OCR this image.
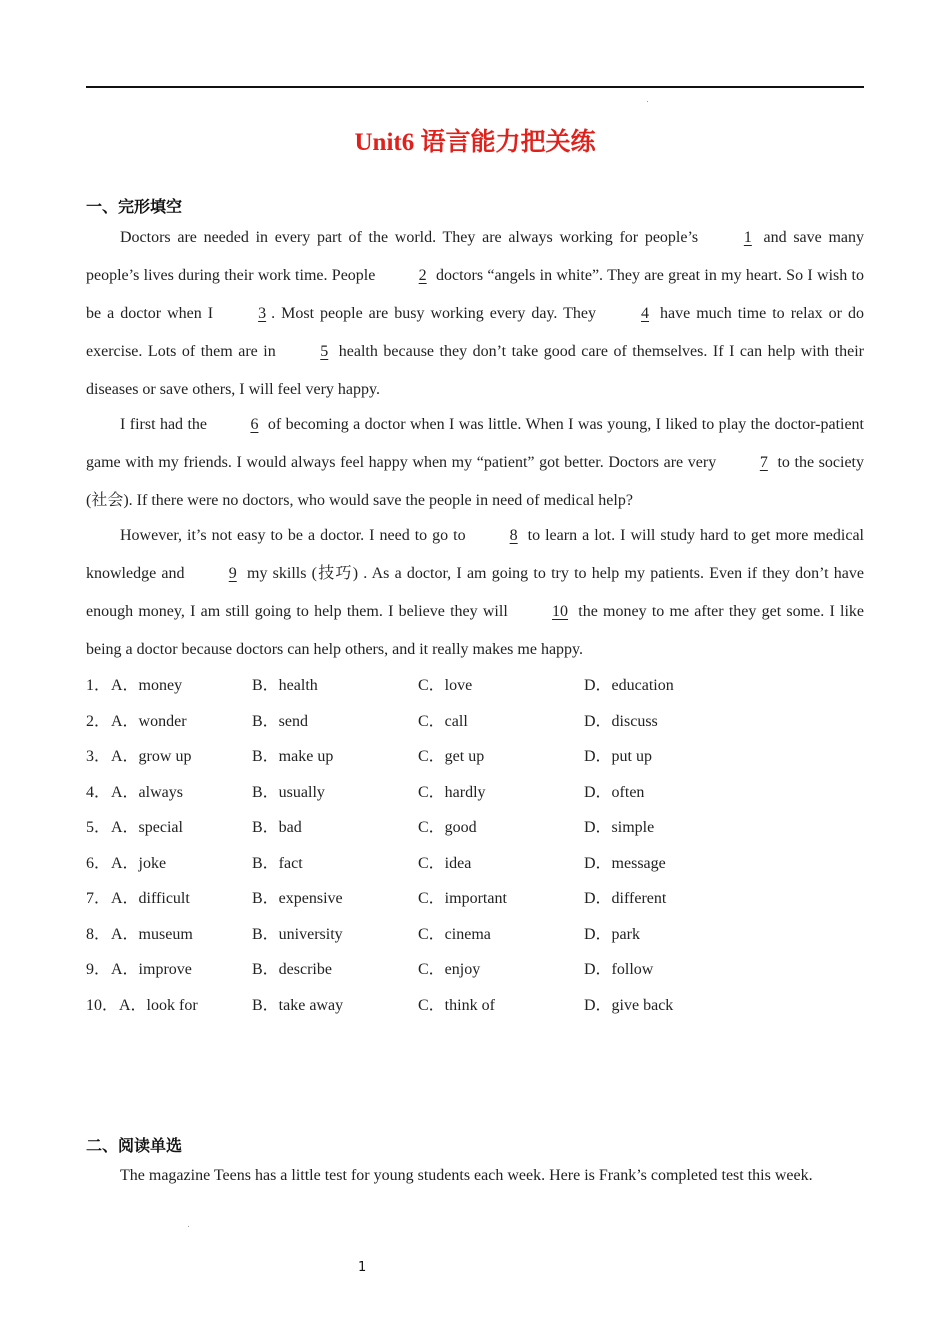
Unit6 语言能力把关练
一、完形填空

Doctors are needed in every part of the world. They are always working for people’s 1 and save many people’s lives during their work time. People 2 doctors “angels in white”. They are great in my heart. So I wish to be a doctor when I 3 . Most people are busy working every day. They 4 have much time to relax or do exercise. Lots of them are in 5 health because they don’t take good care of themselves. If I can help with their diseases or save others, I will feel very happy.

I first had the 6 of becoming a doctor when I was little. When I was young, I liked to play the doctor-patient game with my friends. I would always feel happy when my “patient” got better. Doctors are very 7 to the society (社会). If there were no doctors, who would save the people in need of medical help?

However, it’s not easy to be a doctor. I need to go to 8 to learn a lot. I will study hard to get more medical knowledge and 9 my skills (技巧) . As a doctor, I am going to try to help my patients. Even if they don’t have enough money, I am still going to help them. I believe they will 10 the money to me after they get some. I like being a doctor because doctors can help others, and it really makes me happy.

1． A．money	B．health	C．love	D．education
2． A．wonder	B．send	C．call	D．discuss
3． A．grow up	B．make up	C．get up	D．put up
4． A．always	B．usually	C．hardly	D．often
5． A．special	B．bad	C．good	D．simple
6． A．joke	B．fact	C．idea	D．message
7． A．difficult	B．expensive	C．important	D．different
8． A．museum	B．university	C．cinema	D．park
9． A．improve	B．describe	C．enjoy	D．follow
10． A．look for	B．take away	C．think of	D．give back
二、阅读单选
The magazine Teens has a little test for young students each week. Here is Frank’s completed test this week.
1
